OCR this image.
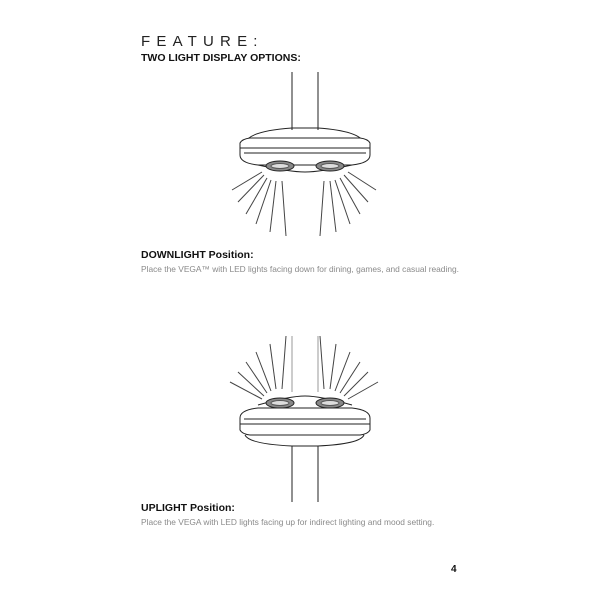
FEATURE:
TWO LIGHT DISPLAY OPTIONS:
DOWNLIGHT Position:

Place the VEGA™ with LED lights facing down for dining, games, and casual reading.

UPLIGHT Position:

Place the VEGA with LED lights facing up for indirect lighting and mood setting.

4
